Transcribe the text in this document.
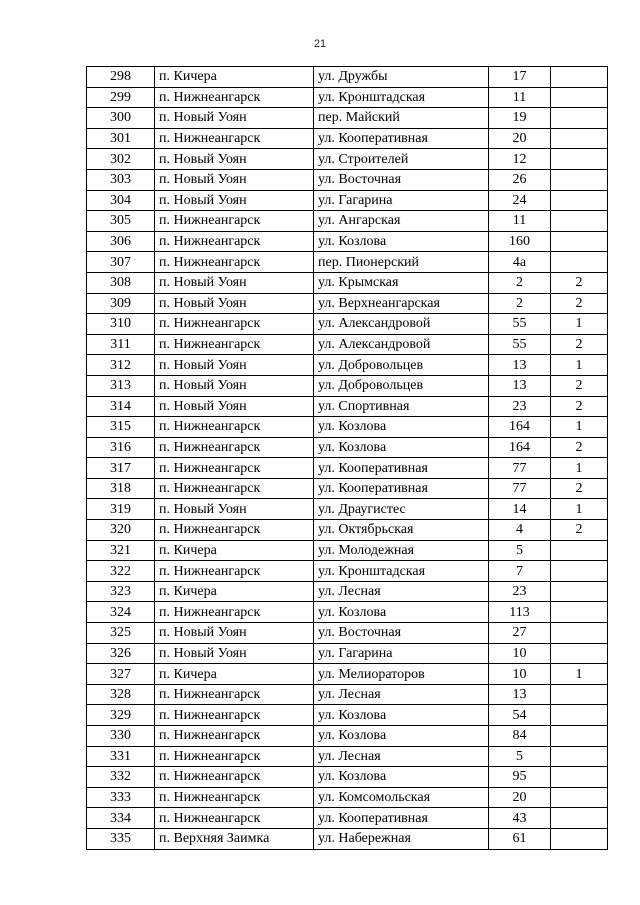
21
298	п. Кичера	ул. Дружбы	17	
299	п. Нижнеангарск	ул. Кронштадская	11	
300	п. Новый Уоян	пер. Майский	19	
301	п. Нижнеангарск	ул. Кооперативная	20	
302	п. Новый Уоян	ул. Строителей	12	
303	п. Новый Уоян	ул. Восточная	26	
304	п. Новый Уоян	ул. Гагарина	24	
305	п. Нижнеангарск	ул. Ангарская	11	
306	п. Нижнеангарск	ул. Козлова	160	
307	п. Нижнеангарск	пер. Пионерский	4а	
308	п. Новый Уоян	ул. Крымская	2	2
309	п. Новый Уоян	ул. Верхнеангарская	2	2
310	п. Нижнеангарск	ул. Александровой	55	1
311	п. Нижнеангарск	ул. Александровой	55	2
312	п. Новый Уоян	ул. Добровольцев	13	1
313	п. Новый Уоян	ул. Добровольцев	13	2
314	п. Новый Уоян	ул. Спортивная	23	2
315	п. Нижнеангарск	ул. Козлова	164	1
316	п. Нижнеангарск	ул. Козлова	164	2
317	п. Нижнеангарск	ул. Кооперативная	77	1
318	п. Нижнеангарск	ул. Кооперативная	77	2
319	п. Новый Уоян	ул. Драугистес	14	1
320	п. Нижнеангарск	ул. Октябрьская	4	2
321	п. Кичера	ул. Молодежная	5	
322	п. Нижнеангарск	ул. Кронштадская	7	
323	п. Кичера	ул. Лесная	23	
324	п. Нижнеангарск	ул. Козлова	113	
325	п. Новый Уоян	ул. Восточная	27	
326	п. Новый Уоян	ул. Гагарина	10	
327	п. Кичера	ул. Мелиораторов	10	1
328	п. Нижнеангарск	ул. Лесная	13	
329	п. Нижнеангарск	ул. Козлова	54	
330	п. Нижнеангарск	ул. Козлова	84	
331	п. Нижнеангарск	ул. Лесная	5	
332	п. Нижнеангарск	ул. Козлова	95	
333	п. Нижнеангарск	ул. Комсомольская	20	
334	п. Нижнеангарск	ул. Кооперативная	43	
335	п. Верхняя Заимка	ул. Набережная	61	
